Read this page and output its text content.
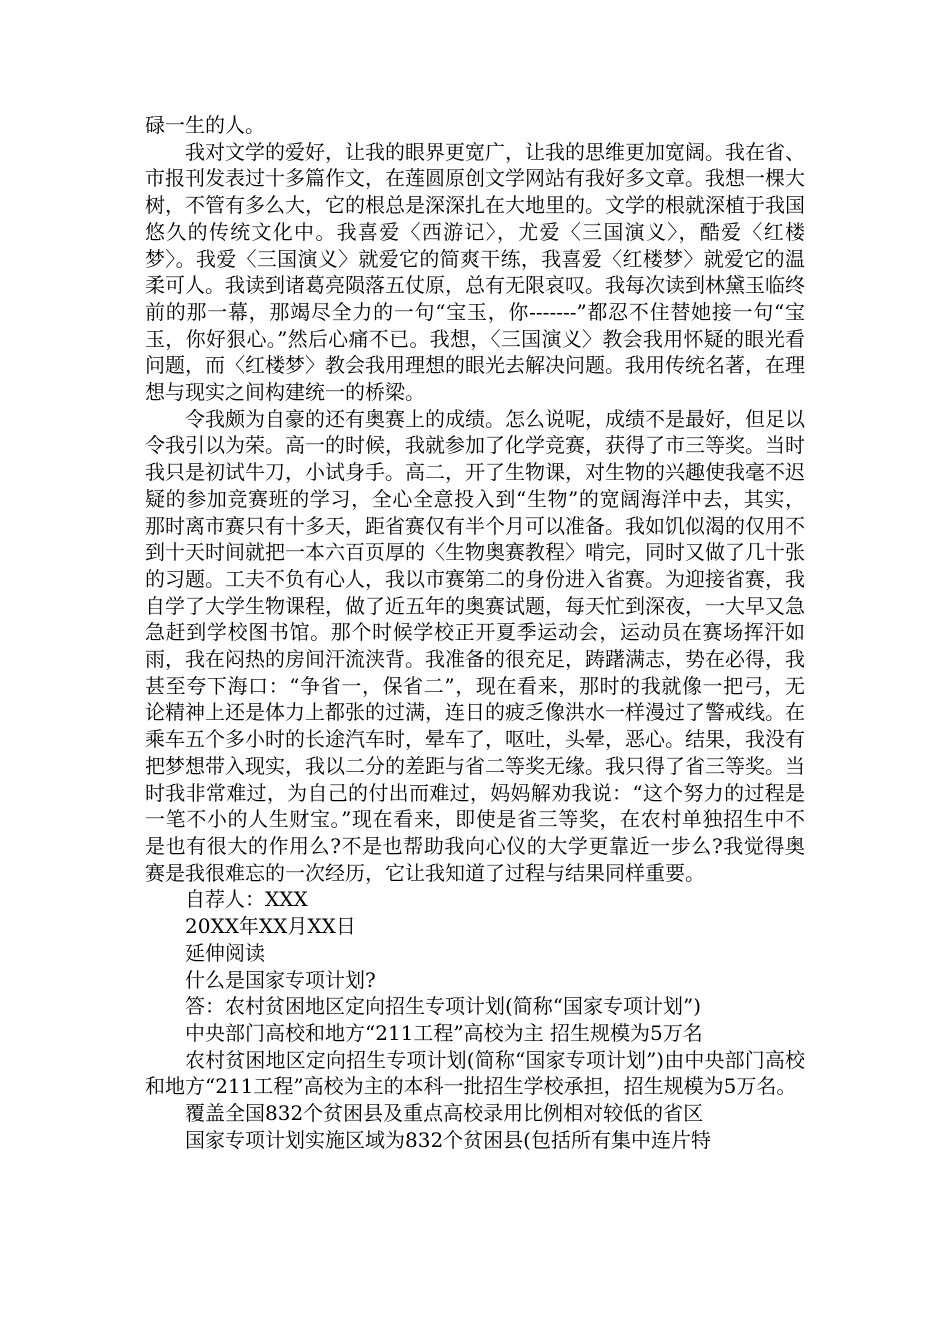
碌一生的人。

我对文学的爱好，让我的眼界更宽广，让我的思维更加宽阔。我在省、市报刊发表过十多篇作文，在莲圆原创文学网站有我好多文章。我想一棵大树，不管有多么大，它的根总是深深扎在大地里的。文学的根就深植于我国悠久的传统文化中。我喜爱〈西游记〉，尤爱〈三国演义〉，酷爱〈红楼梦〉。我爱〈三国演义〉就爱它的简爽干练，我喜爱〈红楼梦〉就爱它的温柔可人。我读到诸葛亮陨落五仗原，总有无限哀叹。我每次读到林黛玉临终前的那一幕，那竭尽全力的一句“宝玉，你-------”都忍不住替她接一句“宝玉，你好狠心。”然后心痛不已。我想，〈三国演义〉教会我用怀疑的眼光看问题，而〈红楼梦〉教会我用理想的眼光去解决问题。我用传统名著，在理想与现实之间构建统一的桥梁。

令我颇为自豪的还有奥赛上的成绩。怎么说呢，成绩不是最好，但足以令我引以为荣。高一的时候，我就参加了化学竞赛，获得了市三等奖。当时我只是初试牛刀，小试身手。高二，开了生物课，对生物的兴趣使我毫不迟疑的参加竞赛班的学习，全心全意投入到“生物”的宽阔海洋中去，其实，那时离市赛只有十多天，距省赛仅有半个月可以准备。我如饥似渴的仅用不到十天时间就把一本六百页厚的〈生物奥赛教程〉啃完，同时又做了几十张的习题。工夫不负有心人，我以市赛第二的身份进入省赛。为迎接省赛，我自学了大学生物课程，做了近五年的奥赛试题，每天忙到深夜，一大早又急急赶到学校图书馆。那个时候学校正开夏季运动会，运动员在赛场挥汗如雨，我在闷热的房间汗流浃背。我准备的很充足，踌躇满志，势在必得，我甚至夸下海口：“争省一，保省二”，现在看来，那时的我就像一把弓，无论精神上还是体力上都张的过满，连日的疲乏像洪水一样漫过了警戒线。在乘车五个多小时的长途汽车时，晕车了，呕吐，头晕，恶心。结果，我没有把梦想带入现实，我以二分的差距与省二等奖无缘。我只得了省三等奖。当时我非常难过，为自己的付出而难过，妈妈解劝我说：“这个努力的过程是一笔不小的人生财宝。”现在看来，即使是省三等奖，在农村单独招生中不是也有很大的作用么?不是也帮助我向心仪的大学更靠近一步么?我觉得奥赛是我很难忘的一次经历，它让我知道了过程与结果同样重要。

自荐人：XXX

20XX年XX月XX日

延伸阅读

什么是国家专项计划?

答：农村贫困地区定向招生专项计划(简称“国家专项计划”)

中央部门高校和地方“211工程”高校为主 招生规模为5万名

农村贫困地区定向招生专项计划(简称“国家专项计划”)由中央部门高校和地方“211工程”高校为主的本科一批招生学校承担，招生规模为5万名。

覆盖全国832个贫困县及重点高校录用比例相对较低的省区

国家专项计划实施区域为832个贫困县(包括所有集中连片特
